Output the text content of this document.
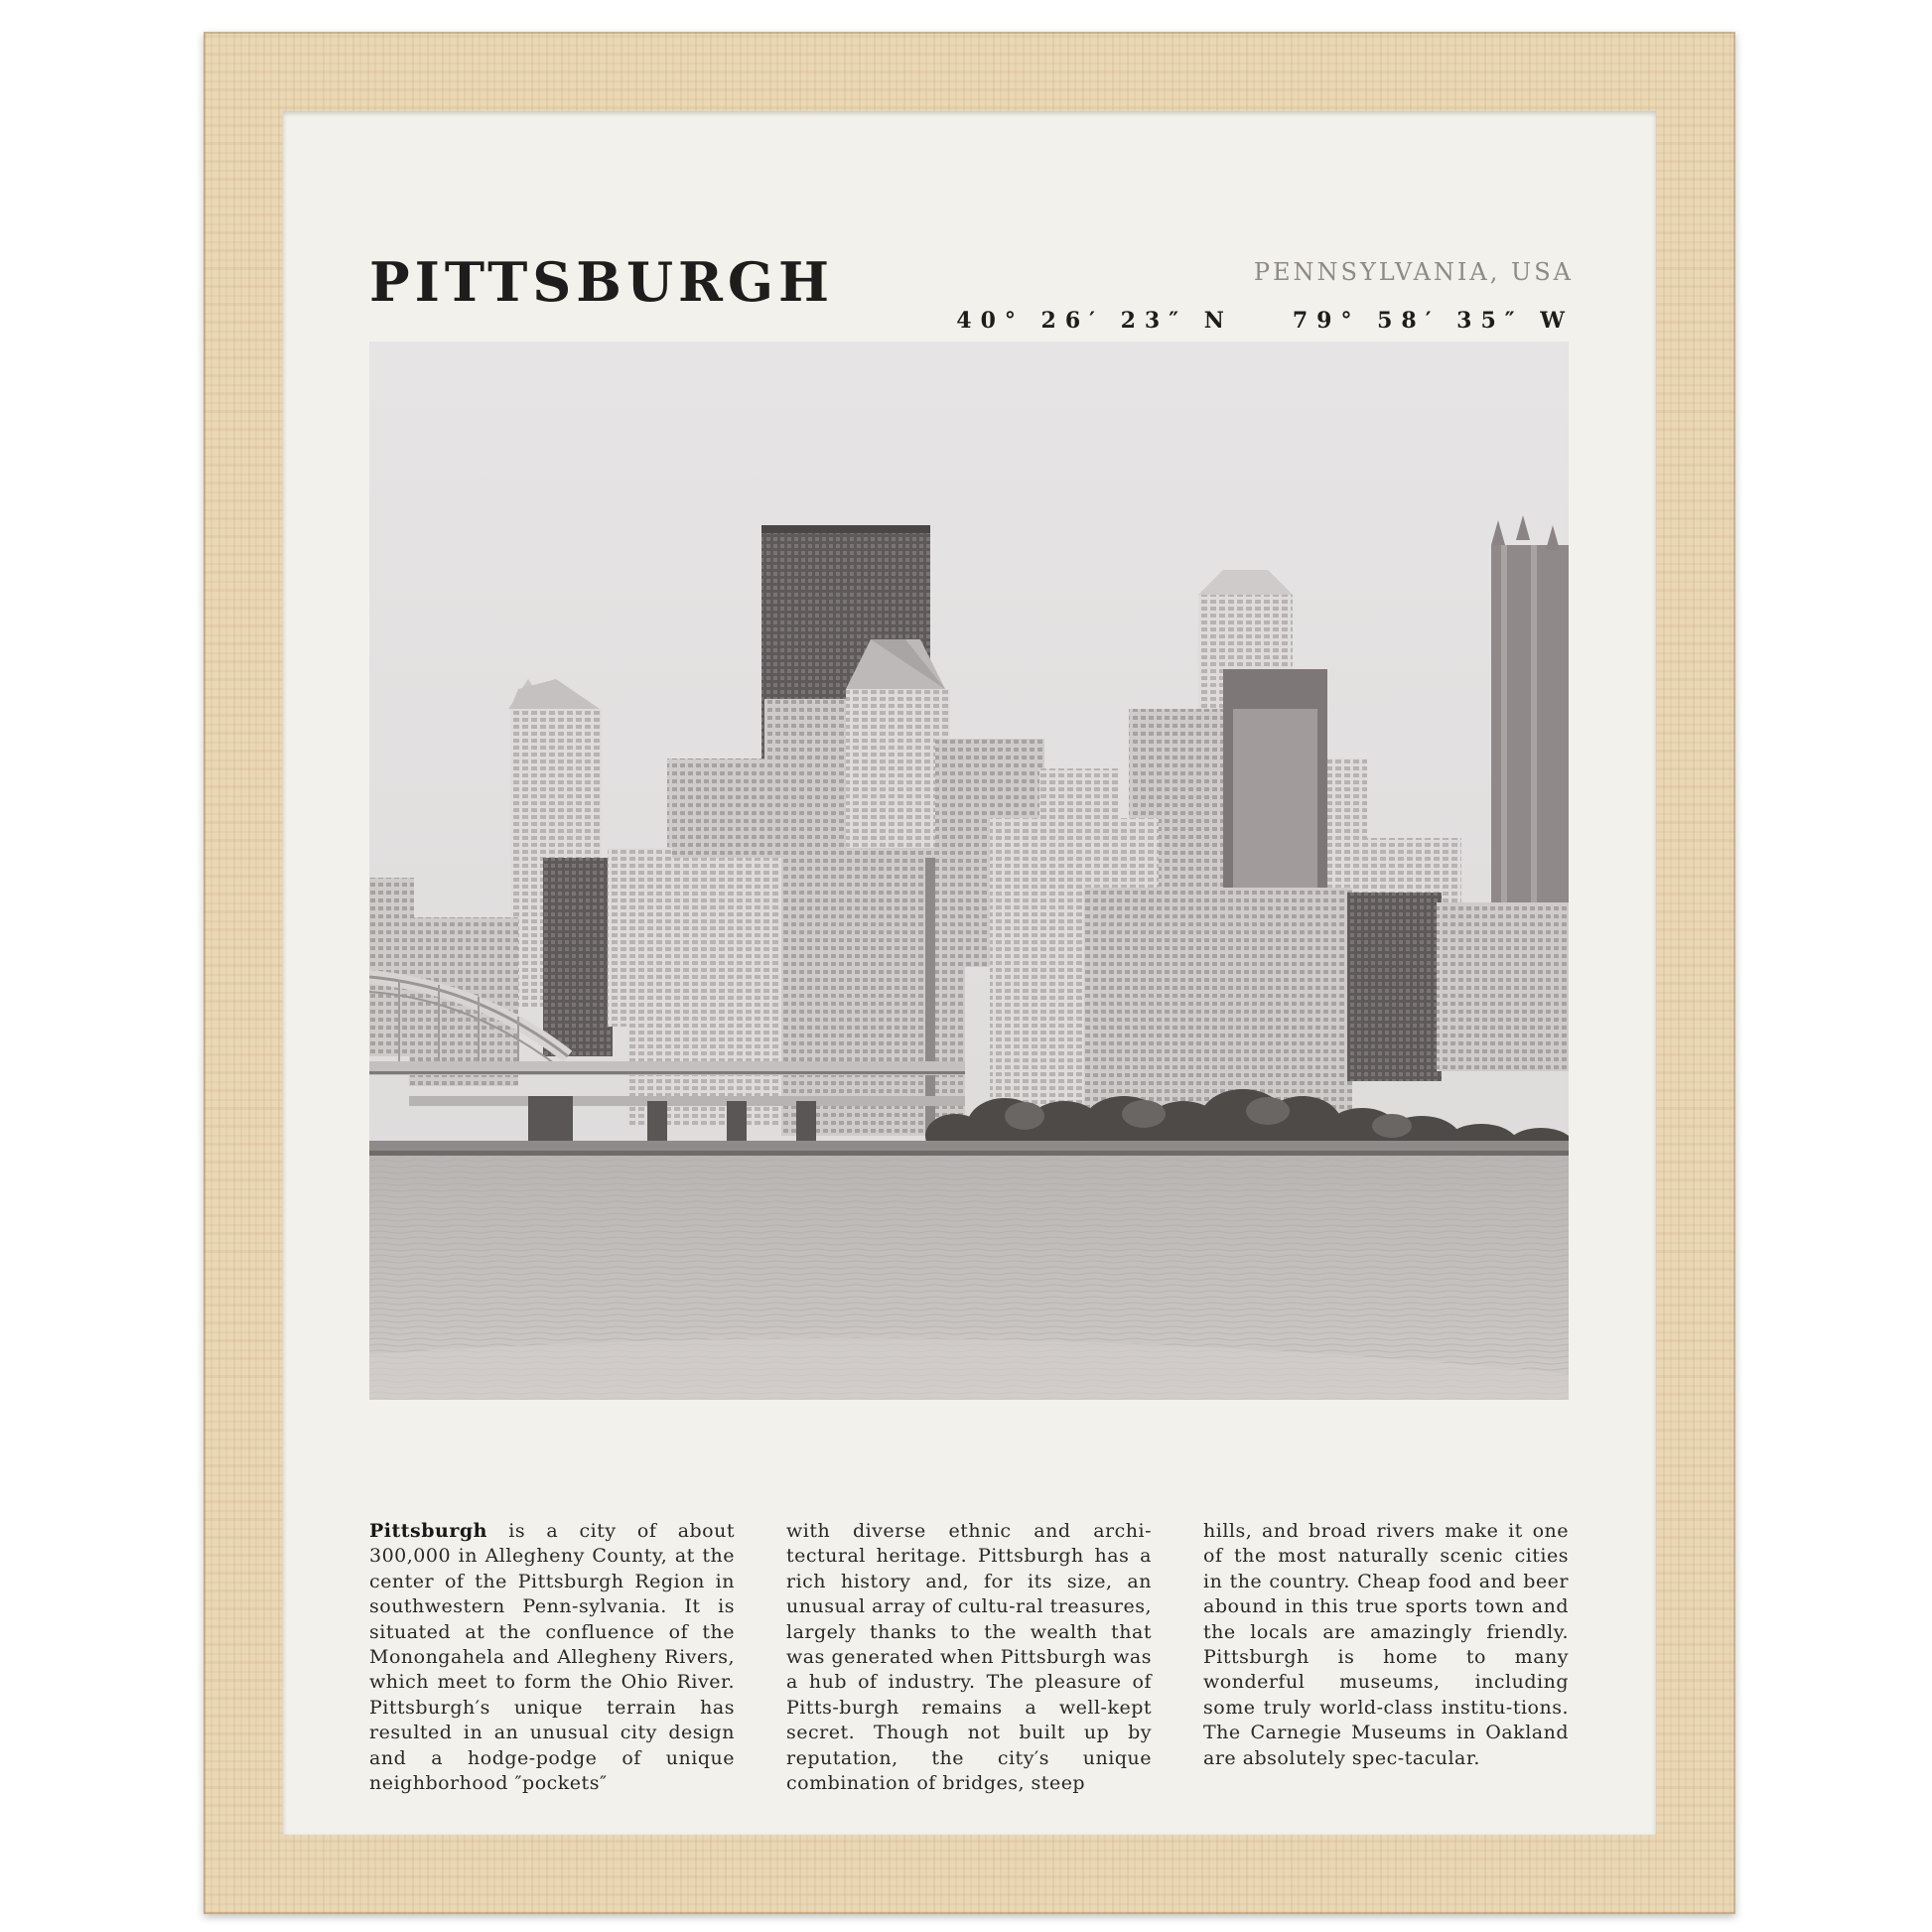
PITTSBURGH	PENNSYLVANIA, USA
40° 26′ 23″ N	79° 58′ 35″ W

Pittsburgh is a city of about 300,000 in Allegheny County, at the center of the Pittsburgh Region in southwestern Penn-sylvania. It is situated at the confluence of the Monongahela and Allegheny Rivers, which meet to form the Ohio River. Pittsburgh′s unique terrain has resulted in an unusual city design and a hodge-podge of unique neighborhood ″pockets″

with diverse ethnic and archi-tectural heritage. Pittsburgh has a rich history and, for its size, an unusual array of cultu-ral treasures, largely thanks to the wealth that was generated when Pittsburgh was a hub of industry. The pleasure of Pitts-burgh remains a well-kept secret. Though not built up by reputation, the city′s unique combination of bridges, steep

hills, and broad rivers make it one of the most naturally scenic cities in the country. Cheap food and beer abound in this true sports town and the locals are amazingly friendly. Pittsburgh is home to many wonderful museums, including some truly world-class institu-tions. The Carnegie Museums in Oakland are absolutely spec-tacular.
